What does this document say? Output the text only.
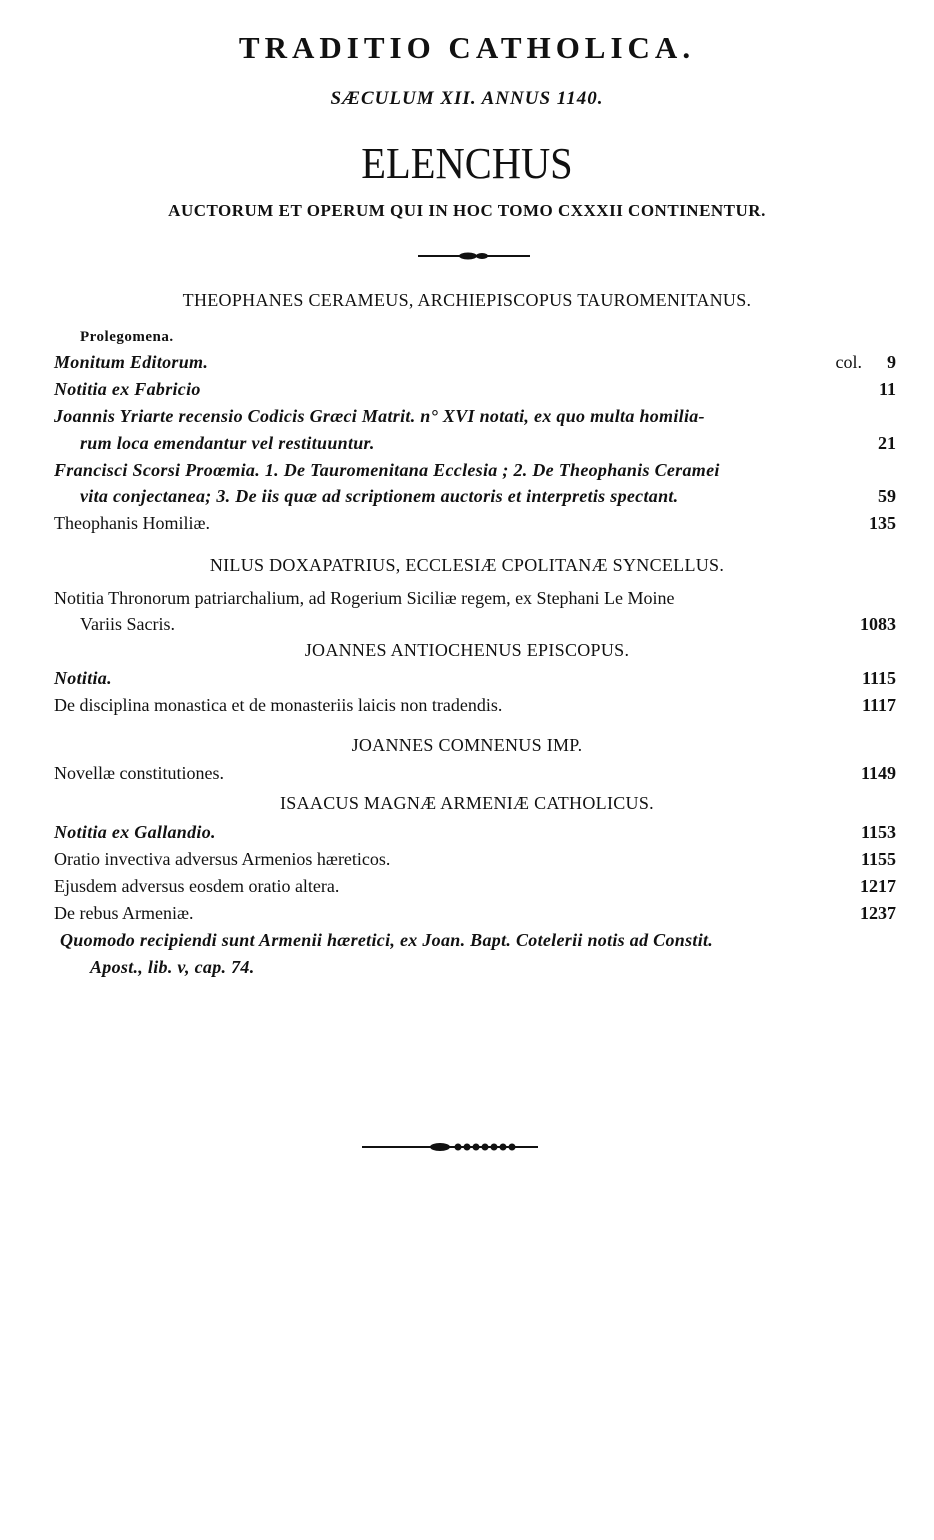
TRADITIO CATHOLICA.
SÆCULUM XII. ANNUS 1140.
ELENCHUS
AUCTORUM ET OPERUM QUI IN HOC TOMO CXXXII CONTINENTUR.
THEOPHANES CERAMEUS, ARCHIEPISCOPUS TAUROMENITANUS.
Prolegomena.
Monitum Editorum.	col. 9
Notitia ex Fabricio	11
Joannis Yriarte recensio Codicis Græci Matrit. n° XVI notati, ex quo multa homilia-
rum loca emendantur vel restituuntur.	21
Francisci Scorsi Proœmia. 1. De Tauromenitana Ecclesia ; 2. De Theophanis Ceramei
vita conjectanea; 3. De iis quæ ad scriptionem auctoris et interpretis spectant.	59
Theophanis Homiliæ.	135
NILUS DOXAPATRIUS, ECCLESIÆ CPOLITANÆ SYNCELLUS.
Notitia Thronorum patriarchalium, ad Rogerium Siciliæ regem, ex Stephani Le Moine
Variis Sacris.	1083
JOANNES ANTIOCHENUS EPISCOPUS.
Notitia.	1115
De disciplina monastica et de monasteriis laicis non tradendis.	1117
JOANNES COMNENUS IMP.
Novellæ constitutiones.	1149
ISAACUS MAGNÆ ARMENIÆ CATHOLICUS.
Notitia ex Gallandio.	1153
Oratio invectiva adversus Armenios hæreticos.	1155
Ejusdem adversus eosdem oratio altera.	1217
De rebus Armeniæ.	1237
Quomodo recipiendi sunt Armenii hæretici, ex Joan. Bapt. Cotelerii notis ad Constit.
Apost., lib. v, cap. 74.
